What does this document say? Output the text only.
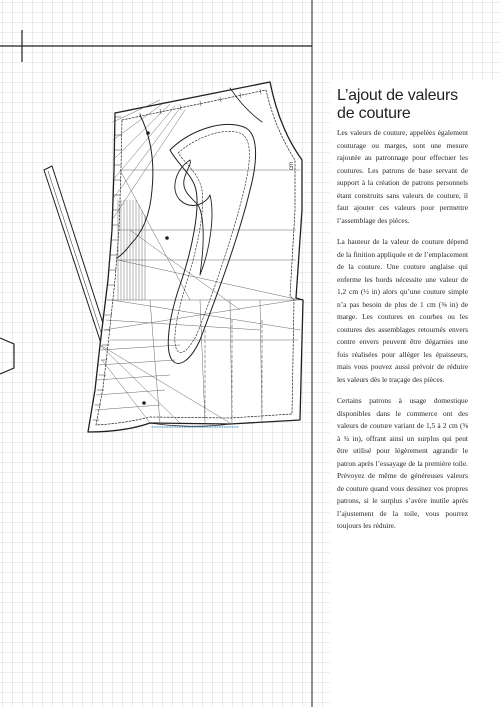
cm
L’ajout de valeurs de couture

Les valeurs de couture, appelées également couturage ou marges, sont une mesure rajoutée au patronnage pour effectuer les coutures. Les patrons de base servant de support à la création de patrons personnels étant construits sans valeurs de couture, il faut ajouter ces valeurs pour permettre l’assemblage des pièces.

La hauteur de la valeur de couture dépend de la finition appliquée et de l’emplacement de la couture. Une couture anglaise qui enferme les bords nécessite une valeur de 1,2 cm (½ in) alors qu’une couture simple n’a pas besoin de plus de 1 cm (⅜ in) de marge. Les coutures en courbes ou les coutures des assemblages retournés envers contre envers peuvent être dégarnies une fois réalisées pour alléger les épaisseurs, mais vous pouvez aussi prévoir de réduire les valeurs dès le traçage des pièces.

Certains patrons à usage domestique disponibles dans le commerce ont des valeurs de couture variant de 1,5 à 2 cm (⅝ à ¾ in), offrant ainsi un surplus qui peut être utilisé pour légèrement agrandir le patron après l’essayage de la première toile. Prévoyez de même de généreuses valeurs de couture quand vous dessinez vos propres patrons, si le surplus s’avère inutile après l’ajustement de la toile, vous pourrez toujours les réduire.
